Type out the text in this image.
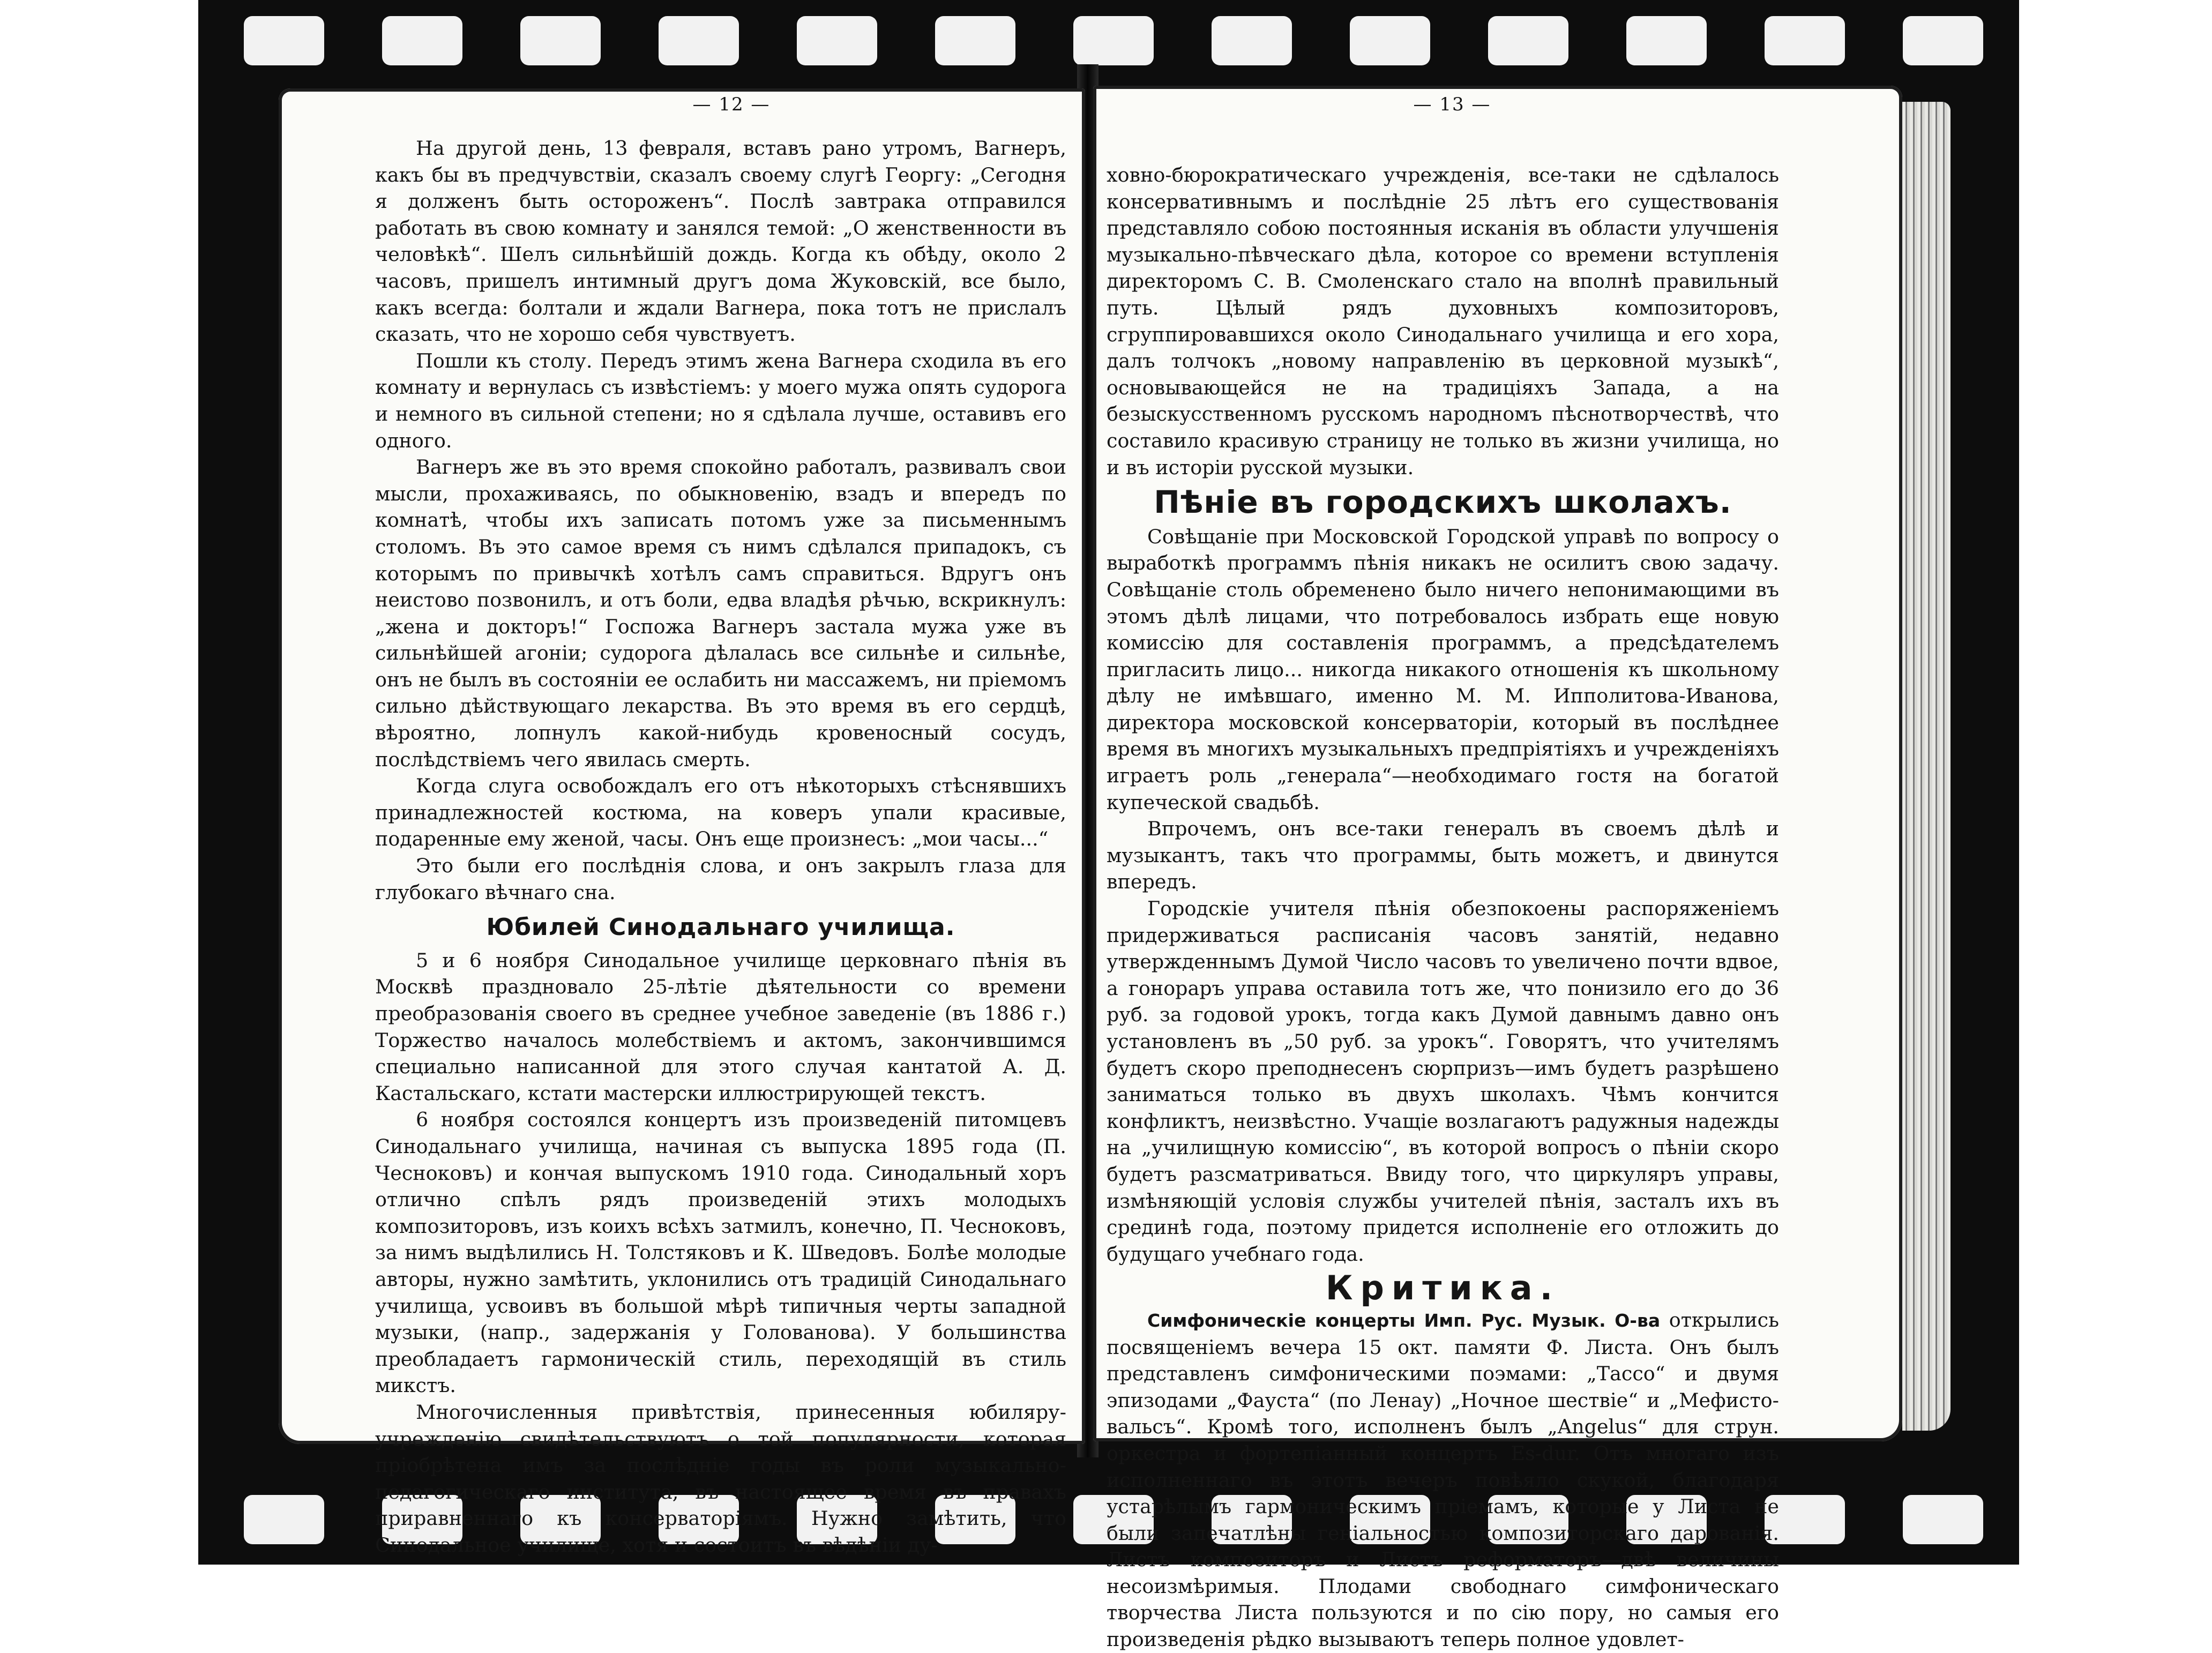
— 12 —	— 13 —

На другой день, 13 февраля, вставъ рано утромъ, Вагнеръ, какъ бы въ предчувствіи, сказалъ своему слугѣ Георгу: „Сегодня я долженъ быть остороженъ“. Послѣ завтрака отправился работать въ свою комнату и занялся темой: „О женственности въ человѣкѣ“. Шелъ сильнѣйшій дождь. Когда къ обѣду, около 2 часовъ, пришелъ интимный другъ дома Жуковскій, все было, какъ всегда: болтали и ждали Вагнера, пока тотъ не прислалъ сказать, что не хорошо себя чувствуетъ.

Пошли къ столу. Передъ этимъ жена Вагнера сходила въ его комнату и вернулась съ извѣстіемъ: у моего мужа опять судорога и немного въ сильной степени; но я сдѣлала лучше, оставивъ его одного.

Вагнеръ же въ это время спокойно работалъ, развивалъ свои мысли, прохаживаясь, по обыкновенію, взадъ и впередъ по комнатѣ, чтобы ихъ записать потомъ уже за письменнымъ столомъ. Въ это самое время съ нимъ сдѣлался припадокъ, съ которымъ по привычкѣ хотѣлъ самъ справиться. Вдругъ онъ неистово позвонилъ, и отъ боли, едва владѣя рѣчью, вскрикнулъ: „жена и докторъ!“ Госпожа Вагнеръ застала мужа уже въ сильнѣйшей агоніи; судорога дѣлалась все сильнѣе и сильнѣе, онъ не былъ въ состояніи ее ослабить ни массажемъ, ни пріемомъ сильно дѣйствующаго лекарства. Въ это время въ его сердцѣ, вѣроятно, лопнулъ какой-нибудь кровеносный сосудъ, послѣдствіемъ чего явилась смерть.

Когда слуга освобождалъ его отъ нѣкоторыхъ стѣснявшихъ принадлежностей костюма, на коверъ упали красивые, подаренные ему женой, часы. Онъ еще произнесъ: „мои часы...“

Это были его послѣднія слова, и онъ закрылъ глаза для глубокаго вѣчнаго сна.

Юбилей Синодальнаго училища.

5 и 6 ноября Синодальное училище церковнаго пѣнія въ Москвѣ праздновало 25-лѣтіе дѣятельности со времени преобразованія своего въ среднее учебное заведеніе (въ 1886 г.) Торжество началось молебствіемъ и актомъ, закончившимся специально написанной для этого случая кантатой А. Д. Кастальскаго, кстати мастерски иллюстрирующей текстъ.

6 ноября состоялся концертъ изъ произведеній питомцевъ Синодальнаго училища, начиная съ выпуска 1895 года (П. Чесноковъ) и кончая выпускомъ 1910 года. Синодальный хоръ отлично спѣлъ рядъ произведеній этихъ молодыхъ композиторовъ, изъ коихъ всѣхъ затмилъ, конечно, П. Чесноковъ, за нимъ выдѣлились Н. Толстяковъ и К. Шведовъ. Болѣе молодые авторы, нужно замѣтить, уклонились отъ традицій Синодальнаго училища, усвоивъ въ большой мѣрѣ типичныя черты западной музыки, (напр., задержанія у Голованова). У большинства преобладаетъ гармоническій стиль, переходящій въ стиль микстъ.

Многочисленныя привѣтствія, принесенныя юбиляру-учрежденію свидѣтельствуютъ о той популярности, которая пріобрѣтена имъ за послѣдніе годы въ роли музыкально-педагогическаго института, въ настоящее время въ правахъ приравненнаго къ консерваторіямъ. Нужно замѣтить, что Синодальное училище, хотя и состоитъ въ вѣдѣніи ду-

ховно-бюрократическаго учрежденія, все-таки не сдѣлалось консервативнымъ и послѣдніе 25 лѣтъ его существованія представляло собою постоянныя исканія въ области улучшенія музыкально-пѣвческаго дѣла, которое со времени вступленія директоромъ С. В. Смоленскаго стало на вполнѣ правильный путь. Цѣлый рядъ духовныхъ композиторовъ, сгруппировавшихся около Синодальнаго училища и его хора, далъ толчокъ „новому направленію въ церковной музыкѣ“, основывающейся не на традиціяхъ Запада, а на безыскусственномъ русскомъ народномъ пѣснотворчествѣ, что составило красивую страницу не только въ жизни училища, но и въ исторіи русской музыки.

Пѣніе въ городскихъ школахъ.

Совѣщаніе при Московской Городской управѣ по вопросу о выработкѣ программъ пѣнія никакъ не осилитъ свою задачу. Совѣщаніе столь обременено было ничего непонимающими въ этомъ дѣлѣ лицами, что потребовалось избрать еще новую комиссію для составленія программъ, а предсѣдателемъ пригласить лицо... никогда никакого отношенія къ школьному дѣлу не имѣвшаго, именно М. М. Ипполитова-Иванова, директора московской консерваторіи, который въ послѣднее время въ многихъ музыкальныхъ предпріятіяхъ и учрежденіяхъ играетъ роль „генерала“—необходимаго гостя на богатой купеческой свадьбѣ.

Впрочемъ, онъ все-таки генералъ въ своемъ дѣлѣ и музыкантъ, такъ что программы, быть можетъ, и двинутся впередъ.

Городскіе учителя пѣнія обезпокоены распоряженіемъ придерживаться расписанія часовъ занятій, недавно утвержденнымъ Думой Число часовъ то увеличено почти вдвое, а гонораръ управа оставила тотъ же, что понизило его до 36 руб. за годовой урокъ, тогда какъ Думой давнымъ давно онъ установленъ въ „50 руб. за урокъ“. Говорятъ, что учителямъ будетъ скоро преподнесенъ сюрпризъ—имъ будетъ разрѣшено заниматься только въ двухъ школахъ. Чѣмъ кончится конфликтъ, неизвѣстно. Учащіе возлагаютъ радужныя надежды на „училищную комиссію“, въ которой вопросъ о пѣніи скоро будетъ разсматриваться. Ввиду того, что циркуляръ управы, измѣняющій условія службы учителей пѣнія, засталъ ихъ въ срединѣ года, поэтому придется исполненіе его отложить до будущаго учебнаго года.

Критика.

Симфоническіе концерты Имп. Рус. Музык. О-ва открылись посвященіемъ вечера 15 окт. памяти Ф. Листа. Онъ былъ представленъ симфоническими поэмами: „Тассо“ и двумя эпизодами „Фауста“ (по Ленау) „Ночное шествіе“ и „Мефисто-вальсъ“. Кромѣ того, исполненъ былъ „Angelus“ для струн. оркестра и фортепіанный концертъ Es-dur. Отъ многаго изъ исполненнаго въ этотъ вечеръ повѣяло скукой, благодаря устарѣлымъ гармоническимъ пріемамъ, которые у Листа не были запечатлѣны геніальностью композиторскаго дарованія. Листъ композиторъ и Листъ реформаторъ—двѣ величины несоизмѣримыя. Плодами свободнаго симфоническаго творчества Листа пользуются и по сію пору, но самыя его произведенія рѣдко вызываютъ теперь полное удовлет-
